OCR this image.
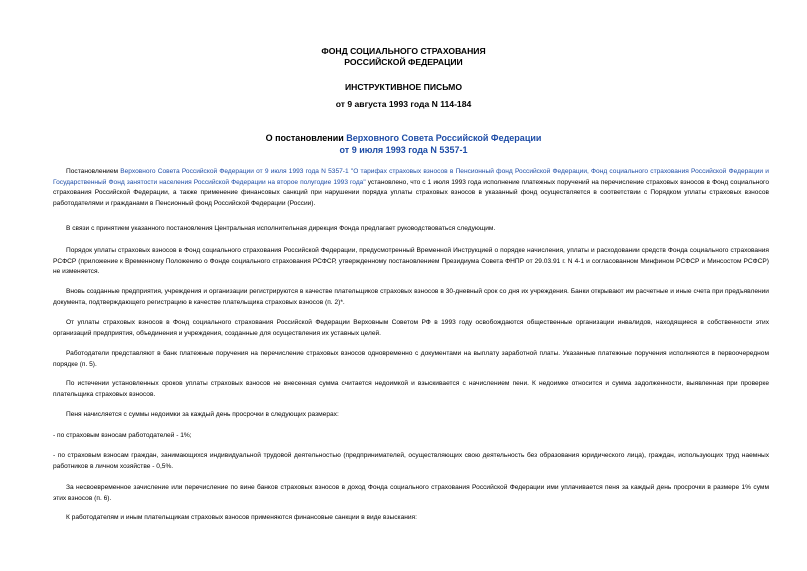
ФОНД СОЦИАЛЬНОГО СТРАХОВАНИЯ
РОССИЙСКОЙ ФЕДЕРАЦИИ
ИНСТРУКТИВНОЕ ПИСЬМО
от 9 августа 1993 года N 114-184
О постановлении Верховного Совета Российской Федерации
от 9 июля 1993 года N 5357-1

Постановлением Верховного Совета Российской Федерации от 9 июля 1993 года N 5357-1 "О тарифах страховых взносов в Пенсионный фонд Российской Федерации, Фонд социального страхования Российской Федерации и Государственный Фонд занятости населения Российской Федерации на второе полугодие 1993 года" установлено, что с 1 июля 1993 года исполнение платежных поручений на перечисление страховых взносов в Фонд социального страхования Российской Федерации, а также применение финансовых санкций при нарушении порядка уплаты страховых взносов в указанный фонд осуществляется в соответствии с Порядком уплаты страховых взносов работодателями и гражданами в Пенсионный фонд Российской Федерации (России).

В связи с принятием указанного постановления Центральная исполнительная дирекция Фонда предлагает руководствоваться следующим.

Порядок уплаты страховых взносов в Фонд социального страхования Российской Федерации, предусмотренный Временной Инструкцией о порядке начисления, уплаты и расходовании средств Фонда социального страхования РСФСР (приложение к Временному Положению о Фонде социального страхования РСФСР, утвержденному постановлением Президиума Совета ФНПР от 29.03.91 г. N 4-1 и согласованном Минфином РСФСР и Минсостом РСФСР) не изменяется.

Вновь созданные предприятия, учреждения и организации регистрируются в качестве плательщиков страховых взносов в 30-дневный срок со дня их учреждения. Банки открывают им расчетные и иные счета при предъявлении документа, подтверждающего регистрацию в качестве плательщика страховых взносов (п. 2)*.

От уплаты страховых взносов в Фонд социального страхования Российской Федерации Верховным Советом РФ в 1993 году освобождаются общественные организации инвалидов, находящиеся в собственности этих организаций предприятия, объединения и учреждения, созданные для осуществления их уставных целей.

Работодатели представляют в банк платежные поручения на перечисление страховых взносов одновременно с документами на выплату заработной платы. Указанные платежные поручения исполняются в первоочередном порядке (п. 5).

По истечении установленных сроков уплаты страховых взносов не внесенная сумма считается недоимкой и взыскивается с начислением пени. К недоимке относится и сумма задолженности, выявленная при проверке плательщика страховых взносов.

Пеня начисляется с суммы недоимки за каждый день просрочки в следующих размерах:

- по страховым взносам работодателей - 1%;

- по страховым взносам граждан, занимающихся индивидуальной трудовой деятельностью (предпринимателей, осуществляющих свою деятельность без образования юридического лица), граждан, использующих труд наемных работников в личном хозяйстве - 0,5%.

За несвоевременное зачисление или перечисление по вине банков страховых взносов в доход Фонда социального страхования Российской Федерации ими уплачивается пеня за каждый день просрочки в размере 1% сумм этих взносов (п. 6).

К работодателям и иным плательщикам страховых взносов применяются финансовые санкции в виде взыскания:
